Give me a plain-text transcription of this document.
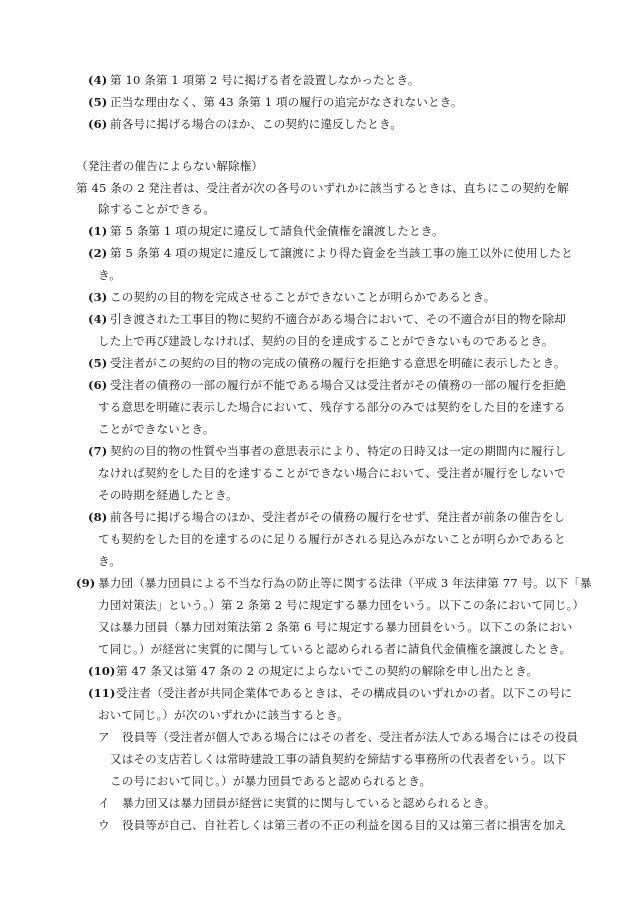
(4) 第 10 条第 1 項第 2 号に掲げる者を設置しなかったとき。
(5) 正当な理由なく、第 43 条第 1 項の履行の追完がなされないとき。
(6) 前各号に掲げる場合のほか、この契約に違反したとき。
（発注者の催告によらない解除権）
第 45 条の 2 発注者は、受注者が次の各号のいずれかに該当するときは、直ちにこの契約を解
除することができる。
(1) 第 5 条第 1 項の規定に違反して請負代金債権を譲渡したとき。
(2) 第 5 条第 4 項の規定に違反して譲渡により得た資金を当該工事の施工以外に使用したと
き。
(3) この契約の目的物を完成させることができないことが明らかであるとき。
(4) 引き渡された工事目的物に契約不適合がある場合において、その不適合が目的物を除却
した上で再び建設しなければ、契約の目的を達成することができないものであるとき。
(5) 受注者がこの契約の目的物の完成の債務の履行を拒絶する意思を明確に表示したとき。
(6) 受注者の債務の一部の履行が不能である場合又は受注者がその債務の一部の履行を拒絶
する意思を明確に表示した場合において、残存する部分のみでは契約をした目的を達する
ことができないとき。
(7) 契約の目的物の性質や当事者の意思表示により、特定の日時又は一定の期間内に履行し
なければ契約をした目的を達することができない場合において、受注者が履行をしないで
その時期を経過したとき。
(8) 前各号に掲げる場合のほか、受注者がその債務の履行をせず、発注者が前条の催告をし
ても契約をした目的を達するのに足りる履行がされる見込みがないことが明らかであると
き。
(9) 暴力団（暴力団員による不当な行為の防止等に関する法律（平成 3 年法律第 77 号。以下「暴
力団対策法」という。）第 2 条第 2 号に規定する暴力団をいう。以下この条において同じ。）
又は暴力団員（暴力団対策法第 2 条第 6 号に規定する暴力団員をいう。以下この条におい
て同じ。）が経営に実質的に関与していると認められる者に請負代金債権を譲渡したとき。
(10) 第 47 条又は第 47 条の 2 の規定によらないでこの契約の解除を申し出たとき。
(11) 受注者（受注者が共同企業体であるときは、その構成員のいずれかの者。以下この号に
おいて同じ。）が次のいずれかに該当するとき。
ア 役員等（受注者が個人である場合にはその者を、受注者が法人である場合にはその役員
又はその支店若しくは常時建設工事の請負契約を締結する事務所の代表者をいう。以下
この号において同じ。）が暴力団員であると認められるとき。
イ 暴力団又は暴力団員が経営に実質的に関与していると認められるとき。
ウ 役員等が自己、自社若しくは第三者の不正の利益を図る目的又は第三者に損害を加え
